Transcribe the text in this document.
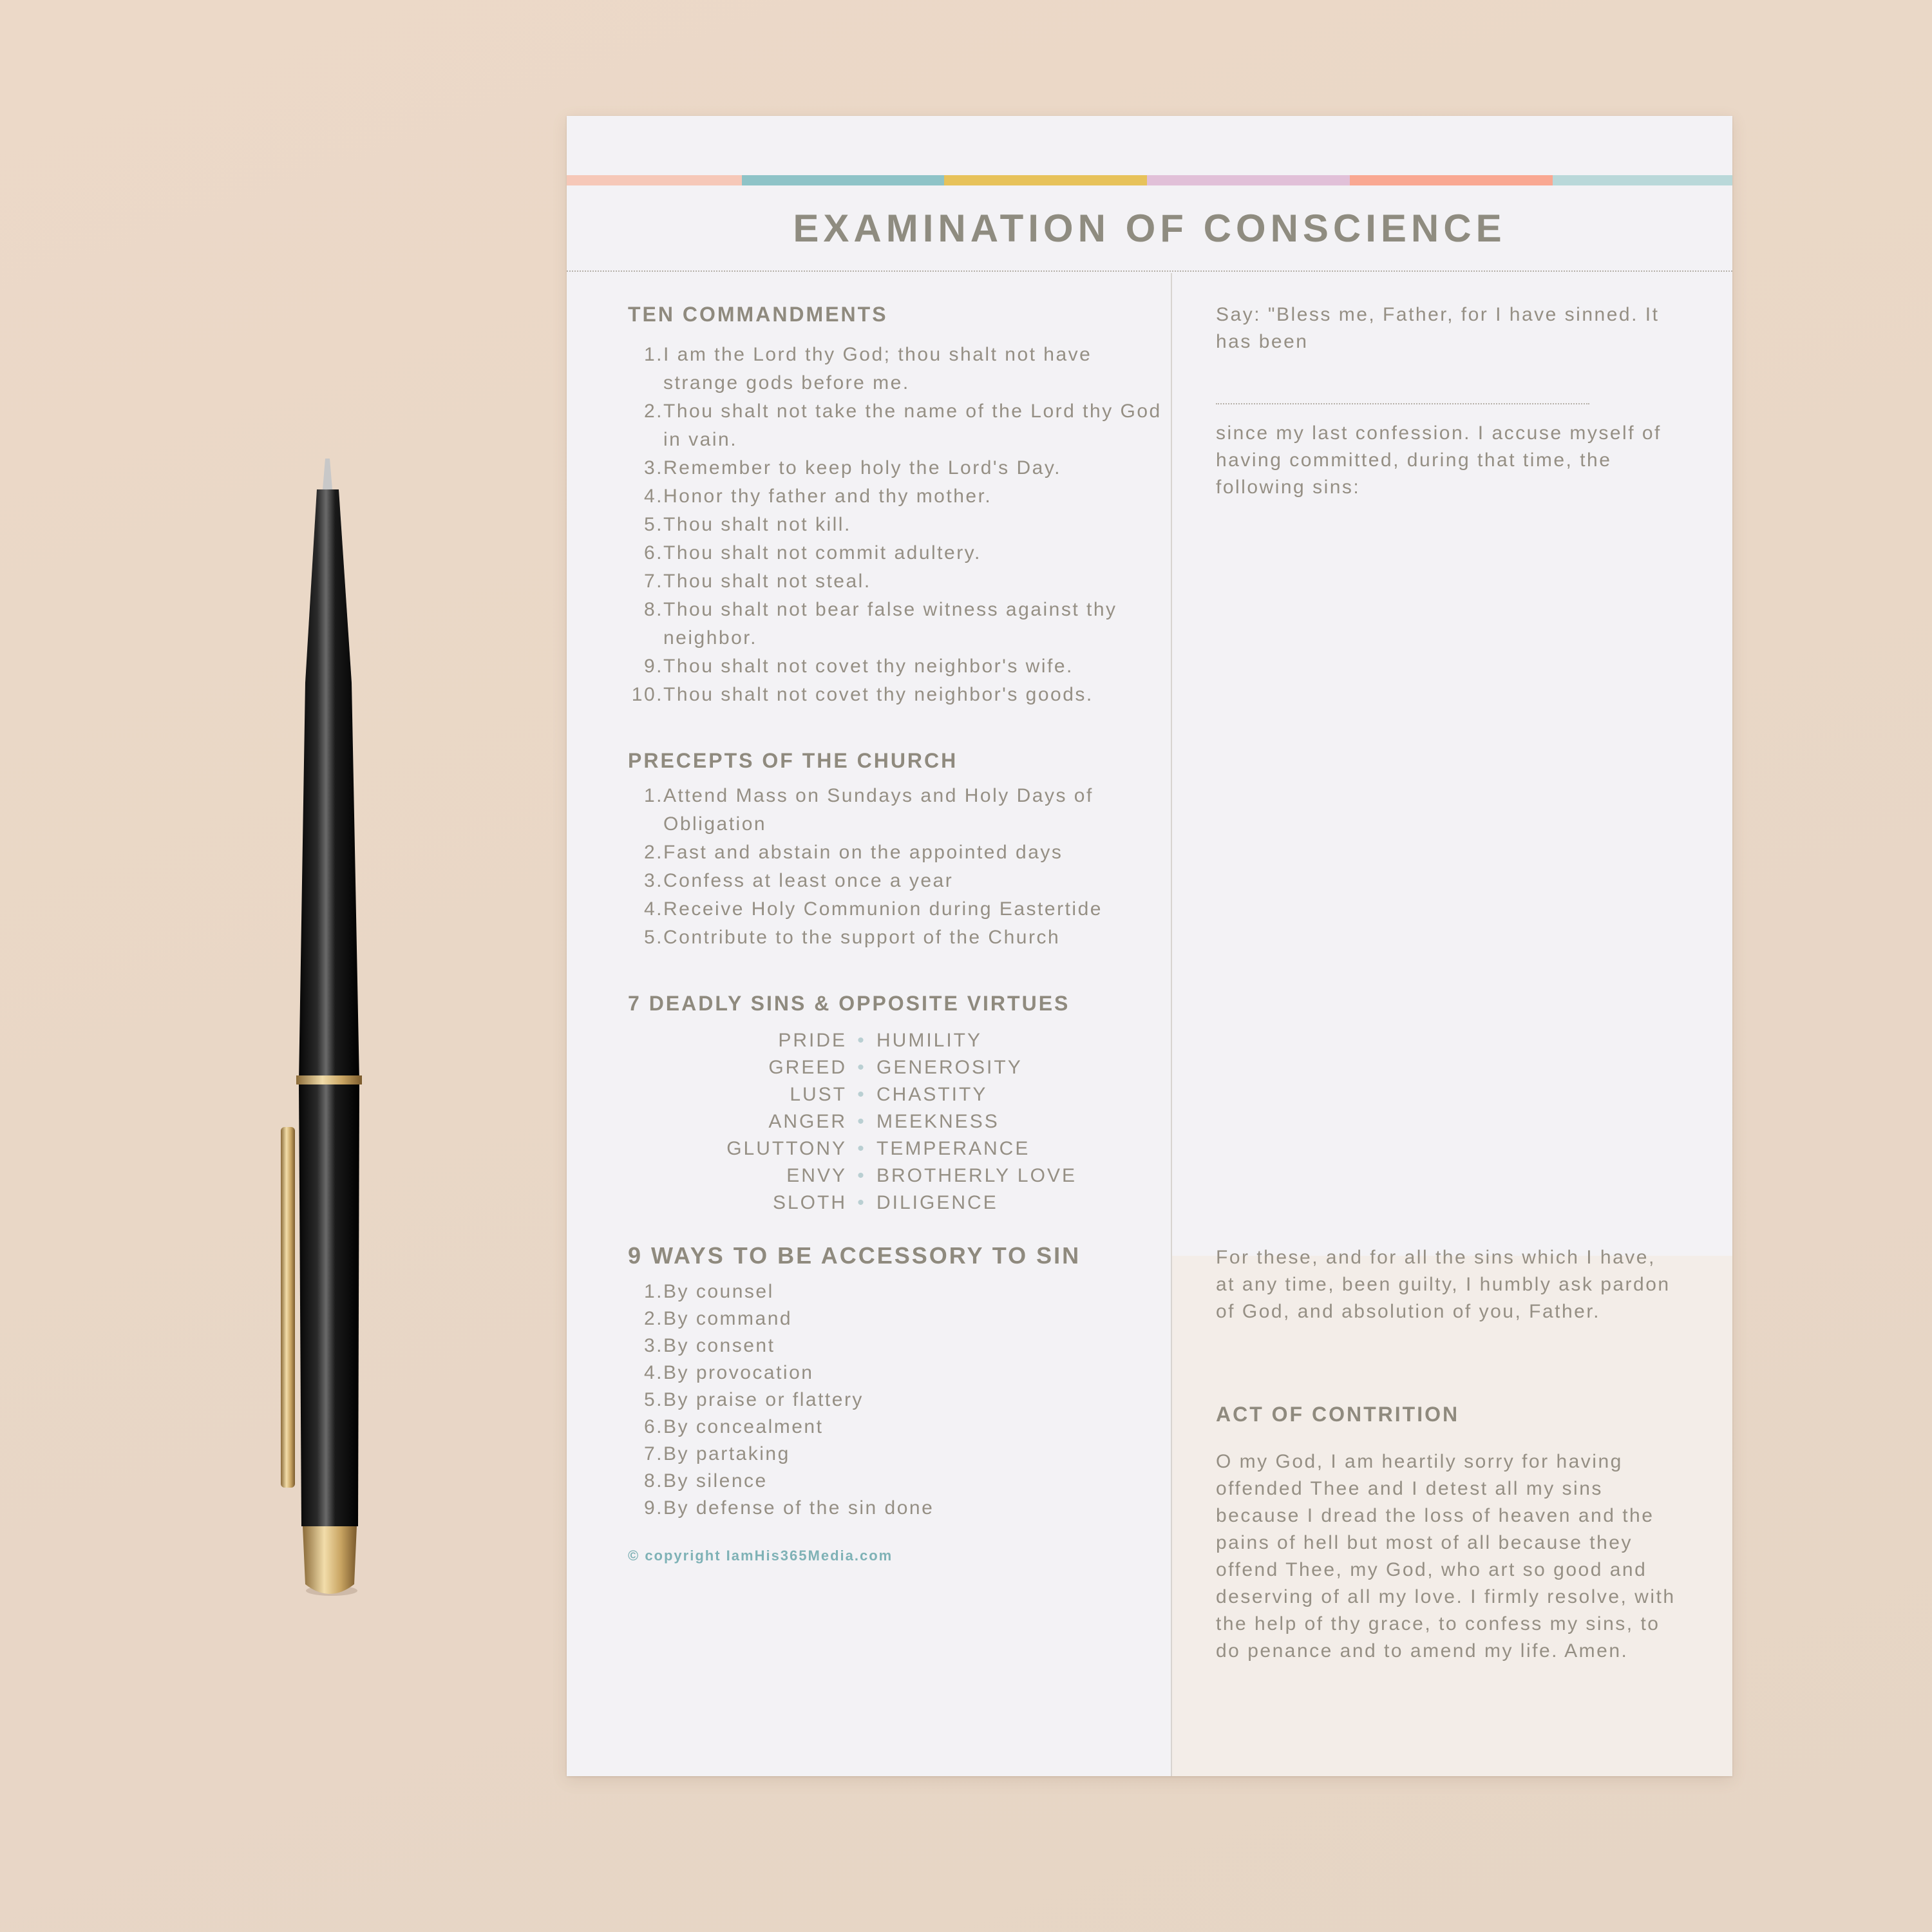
EXAMINATION OF CONSCIENCE
TEN COMMANDMENTS
1. I am the Lord thy God; thou shalt not have strange gods before me.
2. Thou shalt not take the name of the Lord thy God in vain.
3. Remember to keep holy the Lord's Day.
4. Honor thy father and thy mother.
5. Thou shalt not kill.
6. Thou shalt not commit adultery.
7. Thou shalt not steal.
8. Thou shalt not bear false witness against thy neighbor.
9. Thou shalt not covet thy neighbor's wife.
10. Thou shalt not covet thy neighbor's goods.
PRECEPTS OF THE CHURCH
1. Attend Mass on Sundays and Holy Days of Obligation
2. Fast and abstain on the appointed days
3. Confess at least once a year
4. Receive Holy Communion during Eastertide
5. Contribute to the support of the Church
7 DEADLY SINS & OPPOSITE VIRTUES
PRIDE • HUMILITY
GREED • GENEROSITY
LUST • CHASTITY
ANGER • MEEKNESS
GLUTTONY • TEMPERANCE
ENVY • BROTHERLY LOVE
SLOTH • DILIGENCE
9 WAYS TO BE ACCESSORY TO SIN
1. By counsel
2. By command
3. By consent
4. By provocation
5. By praise or flattery
6. By concealment
7. By partaking
8. By silence
9. By defense of the sin done
© copyright IamHis365Media.com

Say: "Bless me, Father, for I have sinned. It has been

since my last confession. I accuse myself of having committed, during that time, the following sins:

For these, and for all the sins which I have, at any time, been guilty, I humbly ask pardon of God, and absolution of you, Father.

ACT OF CONTRITION

O my God, I am heartily sorry for having offended Thee and I detest all my sins because I dread the loss of heaven and the pains of hell but most of all because they offend Thee, my God, who art so good and deserving of all my love. I firmly resolve, with the help of thy grace, to confess my sins, to do penance and to amend my life. Amen.
